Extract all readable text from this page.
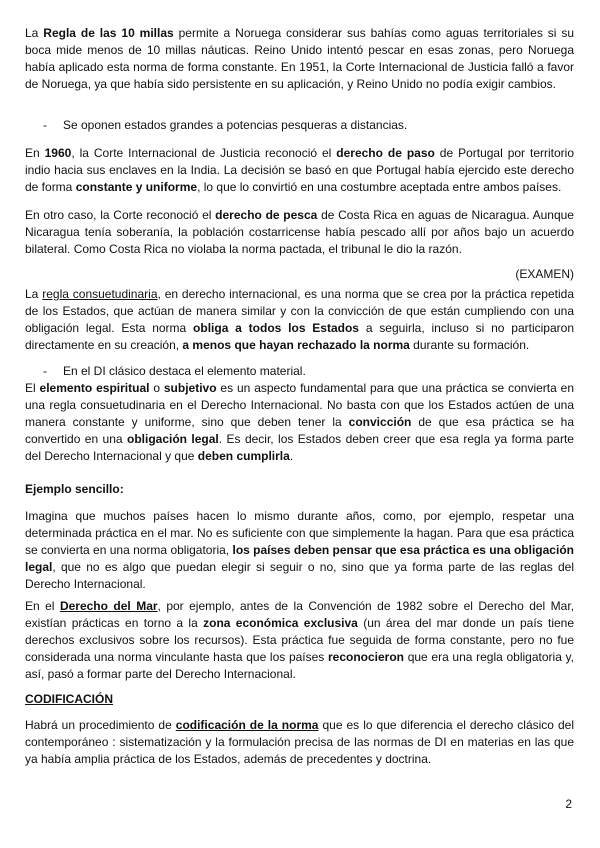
La Regla de las 10 millas permite a Noruega considerar sus bahías como aguas territoriales si su boca mide menos de 10 millas náuticas. Reino Unido intentó pescar en esas zonas, pero Noruega había aplicado esta norma de forma constante. En 1951, la Corte Internacional de Justicia falló a favor de Noruega, ya que había sido persistente en su aplicación, y Reino Unido no podía exigir cambios.

- Se oponen estados grandes a potencias pesqueras a distancias.

En 1960, la Corte Internacional de Justicia reconoció el derecho de paso de Portugal por territorio indio hacia sus enclaves en la India. La decisión se basó en que Portugal había ejercido este derecho de forma constante y uniforme, lo que lo convirtió en una costumbre aceptada entre ambos países.

En otro caso, la Corte reconoció el derecho de pesca de Costa Rica en aguas de Nicaragua. Aunque Nicaragua tenía soberanía, la población costarricense había pescado allí por años bajo un acuerdo bilateral. Como Costa Rica no violaba la norma pactada, el tribunal le dio la razón.

(EXAMEN)

La regla consuetudinaria, en derecho internacional, es una norma que se crea por la práctica repetida de los Estados, que actúan de manera similar y con la convicción de que están cumpliendo con una obligación legal. Esta norma obliga a todos los Estados a seguirla, incluso si no participaron directamente en su creación, a menos que hayan rechazado la norma durante su formación.

- En el DI clásico destaca el elemento material.

El elemento espiritual o subjetivo es un aspecto fundamental para que una práctica se convierta en una regla consuetudinaria en el Derecho Internacional. No basta con que los Estados actúen de una manera constante y uniforme, sino que deben tener la convicción de que esa práctica se ha convertido en una obligación legal. Es decir, los Estados deben creer que esa regla ya forma parte del Derecho Internacional y que deben cumplirla.

Ejemplo sencillo:

Imagina que muchos países hacen lo mismo durante años, como, por ejemplo, respetar una determinada práctica en el mar. No es suficiente con que simplemente la hagan. Para que esa práctica se convierta en una norma obligatoria, los países deben pensar que esa práctica es una obligación legal, que no es algo que puedan elegir si seguir o no, sino que ya forma parte de las reglas del Derecho Internacional.

En el Derecho del Mar, por ejemplo, antes de la Convención de 1982 sobre el Derecho del Mar, existían prácticas en torno a la zona económica exclusiva (un área del mar donde un país tiene derechos exclusivos sobre los recursos). Esta práctica fue seguida de forma constante, pero no fue considerada una norma vinculante hasta que los países reconocieron que era una regla obligatoria y, así, pasó a formar parte del Derecho Internacional.

CODIFICACIÓN

Habrá un procedimiento de codificación de la norma que es lo que diferencia el derecho clásico del contemporáneo : sistematización y la formulación precisa de las normas de DI en materias en las que ya había amplia práctica de los Estados, además de precedentes y doctrina.

2
